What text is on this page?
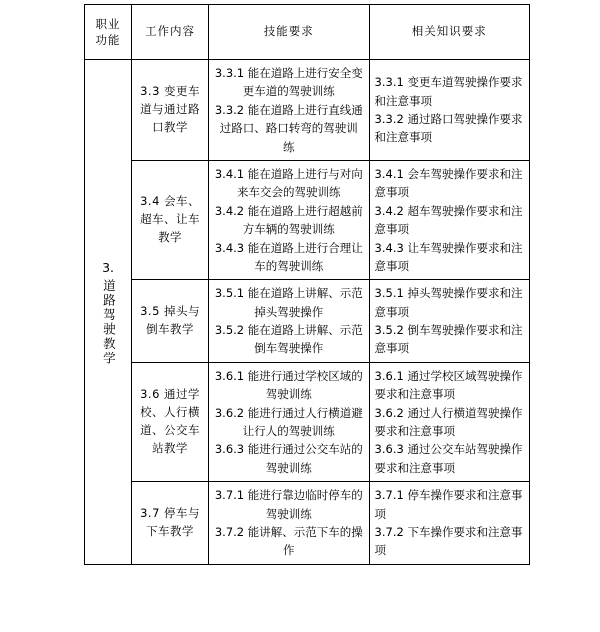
职业
功能	工作内容	技能要求	相关知识要求

3.
道路驾驶教学	3.3 变更车道与通过路口教学	3.3.1 能在道路上进行安全变更车道的驾驶训练
3.3.2 能在道路上进行直线通过路口、路口转弯的驾驶训练	3.3.1 变更车道驾驶操作要求和注意事项
3.3.2 通过路口驾驶操作要求和注意事项

	3.4 会车、超车、让车教学	3.4.1 能在道路上进行与对向来车交会的驾驶训练
3.4.2 能在道路上进行超越前方车辆的驾驶训练
3.4.3 能在道路上进行合理让车的驾驶训练	3.4.1 会车驾驶操作要求和注意事项
3.4.2 超车驾驶操作要求和注意事项
3.4.3 让车驾驶操作要求和注意事项

	3.5 掉头与倒车教学	3.5.1 能在道路上讲解、示范掉头驾驶操作
3.5.2 能在道路上讲解、示范倒车驾驶操作	3.5.1 掉头驾驶操作要求和注意事项
3.5.2 倒车驾驶操作要求和注意事项

	3.6 通过学校、人行横道、公交车站教学	3.6.1 能进行通过学校区域的驾驶训练
3.6.2 能进行通过人行横道避让行人的驾驶训练
3.6.3 能进行通过公交车站的驾驶训练	3.6.1 通过学校区域驾驶操作要求和注意事项
3.6.2 通过人行横道驾驶操作要求和注意事项
3.6.3 通过公交车站驾驶操作要求和注意事项

	3.7 停车与下车教学	3.7.1 能进行靠边临时停车的驾驶训练
3.7.2 能讲解、示范下车的操作	3.7.1 停车操作要求和注意事项
3.7.2 下车操作要求和注意事项
